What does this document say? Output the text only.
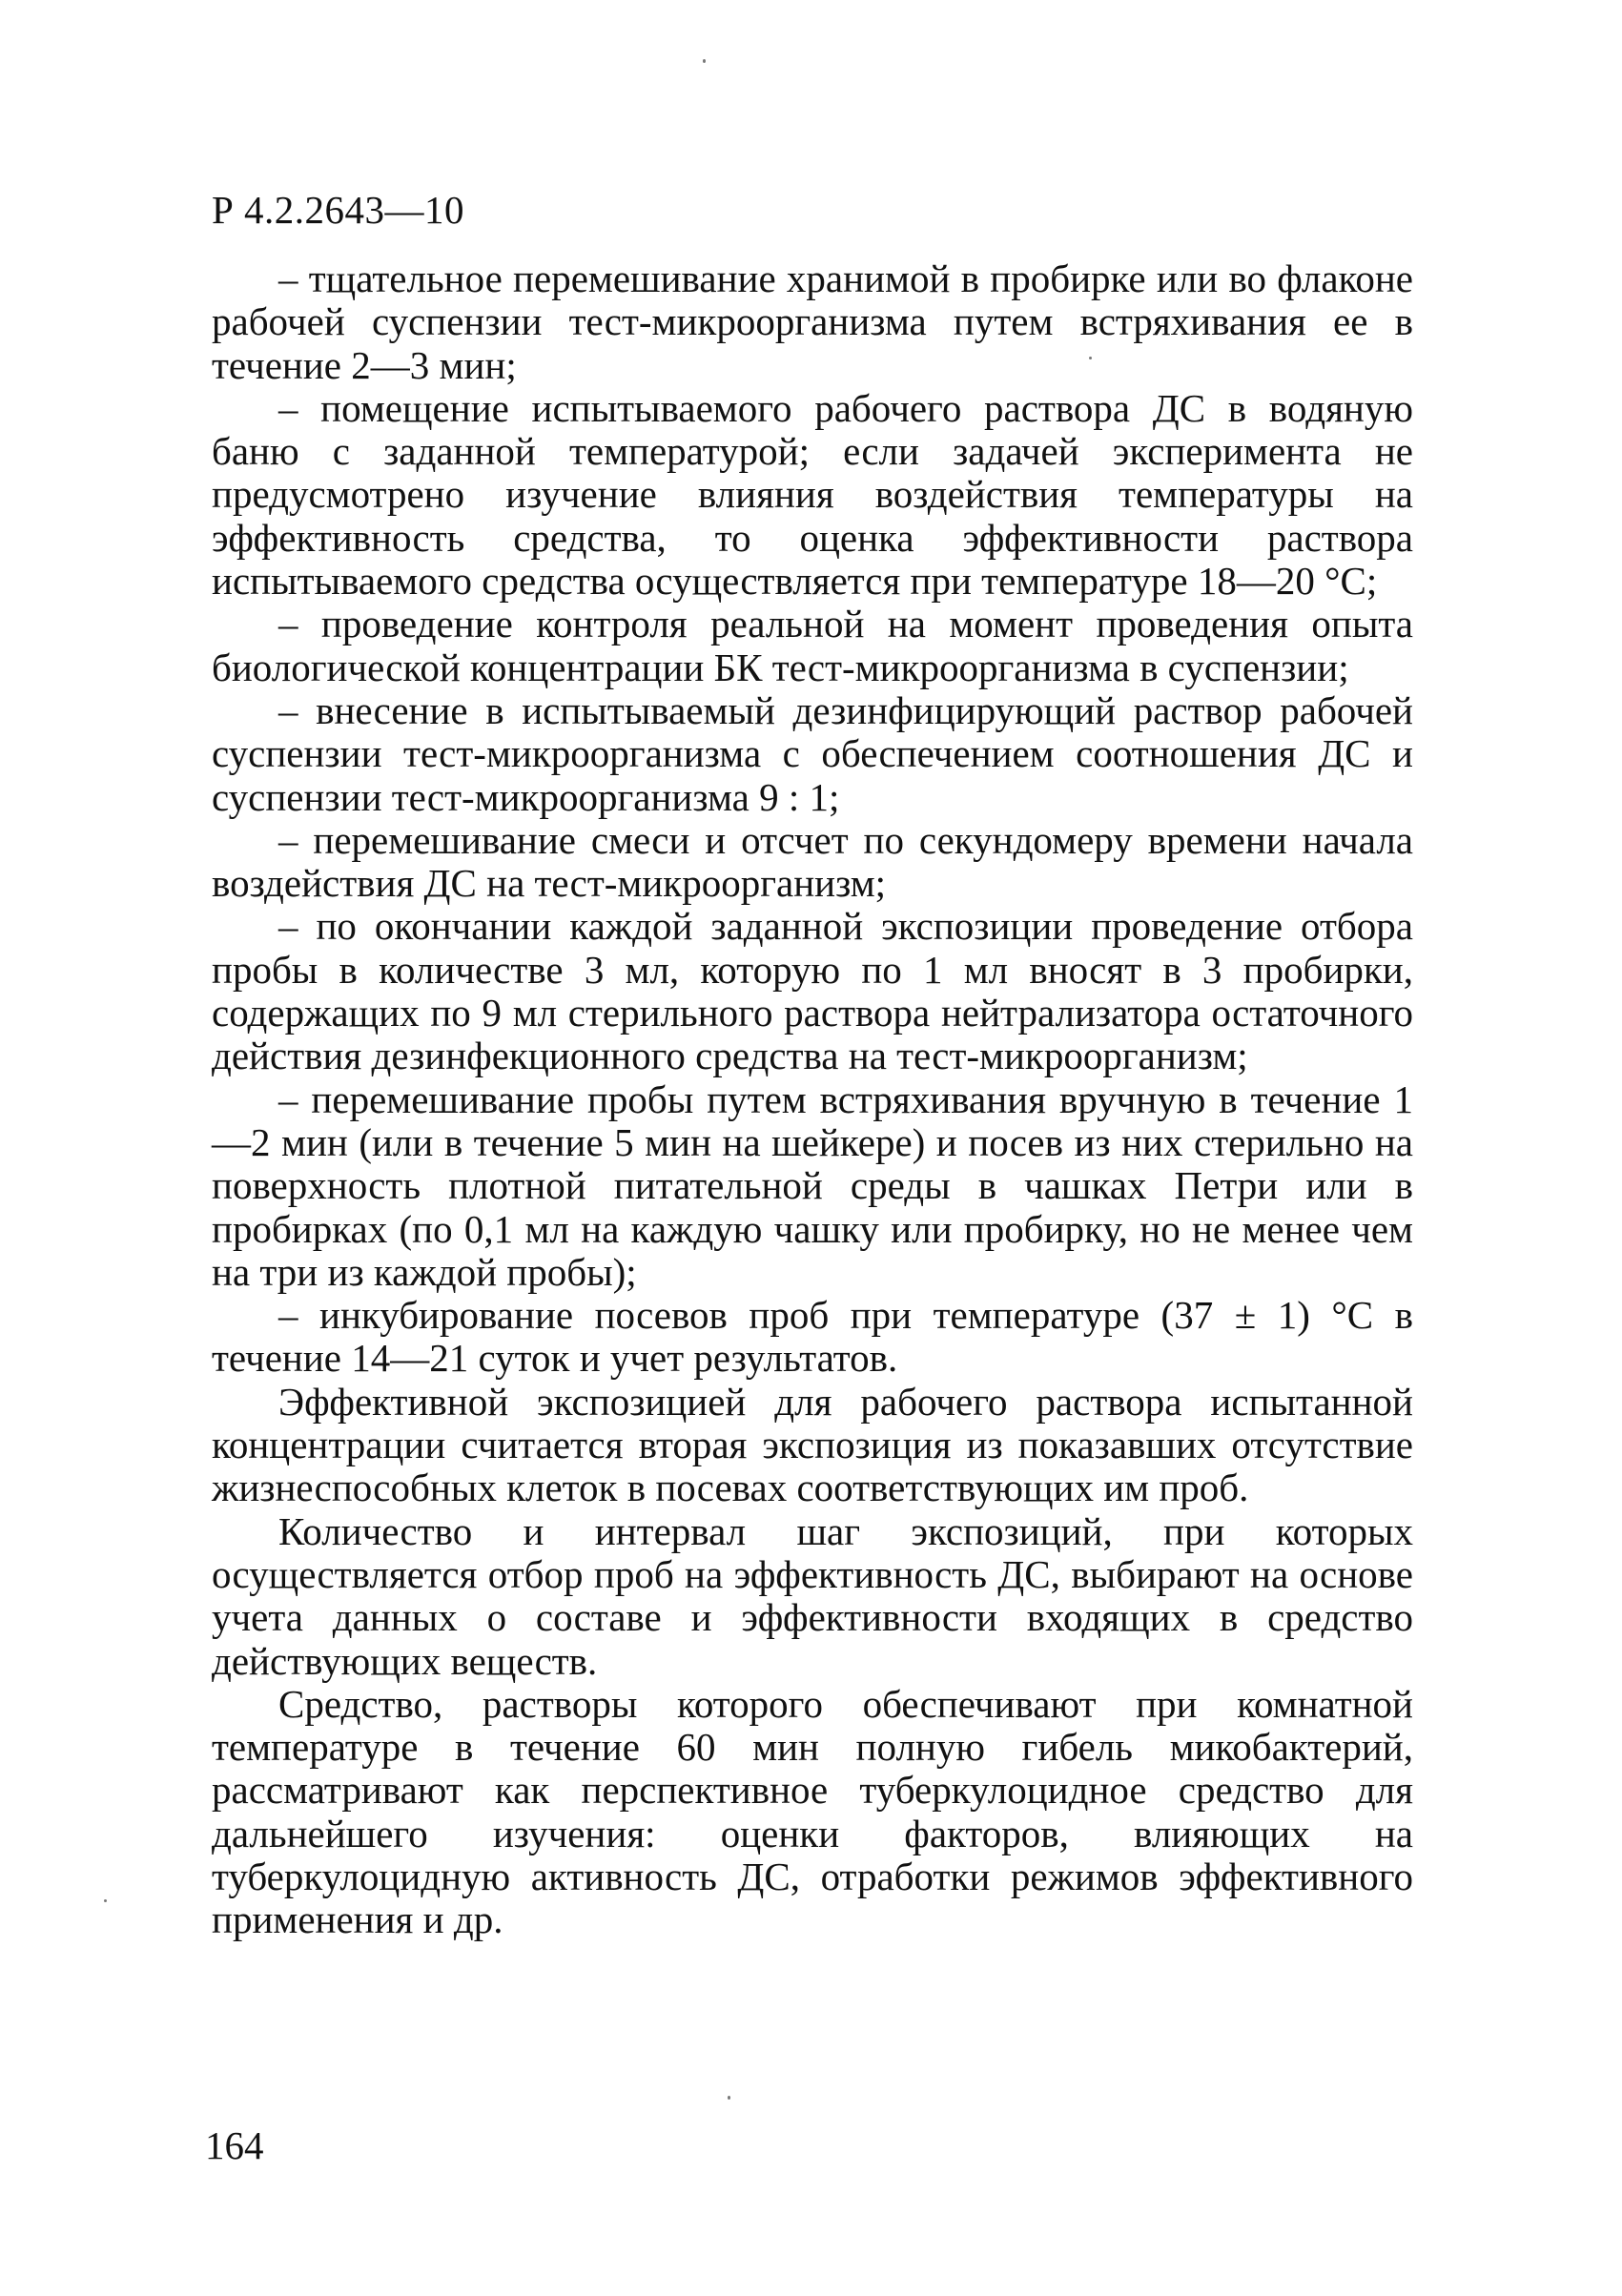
Р 4.2.2643—10

– тщательное перемешивание хранимой в пробирке или во флаконе рабочей суспензии тест-микроорганизма путем встряхивания ее в течение 2—3 мин;

– помещение испытываемого рабочего раствора ДС в водяную баню с заданной температурой; если задачей эксперимента не предусмотрено изучение влияния воздействия температуры на эффективность средства, то оценка эффективности раствора испытываемого средства осуществляется при температуре 18—20 °С;

– проведение контроля реальной на момент проведения опыта биологической концентрации БК тест-микроорганизма в суспензии;

– внесение в испытываемый дезинфицирующий раствор рабочей суспензии тест-микроорганизма с обеспечением соотношения ДС и суспензии тест-микроорганизма 9 : 1;

– перемешивание смеси и отсчет по секундомеру времени начала воздействия ДС на тест-микроорганизм;

– по окончании каждой заданной экспозиции проведение отбора пробы в количестве 3 мл, которую по 1 мл вносят в 3 пробирки, содержащих по 9 мл стерильного раствора нейтрализатора остаточного действия дезинфекционного средства на тест-микроорганизм;

– перемешивание пробы путем встряхивания вручную в течение 1—2 мин (или в течение 5 мин на шейкере) и посев из них стерильно на поверхность плотной питательной среды в чашках Петри или в пробирках (по 0,1 мл на каждую чашку или пробирку, но не менее чем на три из каждой пробы);

– инкубирование посевов проб при температуре (37 ± 1) °С в течение 14—21 суток и учет результатов.

Эффективной экспозицией для рабочего раствора испытанной концентрации считается вторая экспозиция из показавших отсутствие жизнеспособных клеток в посевах соответствующих им проб.

Количество и интервал шаг экспозиций, при которых осуществляется отбор проб на эффективность ДС, выбирают на основе учета данных о составе и эффективности входящих в средство действующих веществ.

Средство, растворы которого обеспечивают при комнатной температуре в течение 60 мин полную гибель микобактерий, рассматривают как перспективное туберкулоцидное средство для дальнейшего изучения: оценки факторов, влияющих на туберкулоцидную активность ДС, отработки режимов эффективного применения и др.

164
